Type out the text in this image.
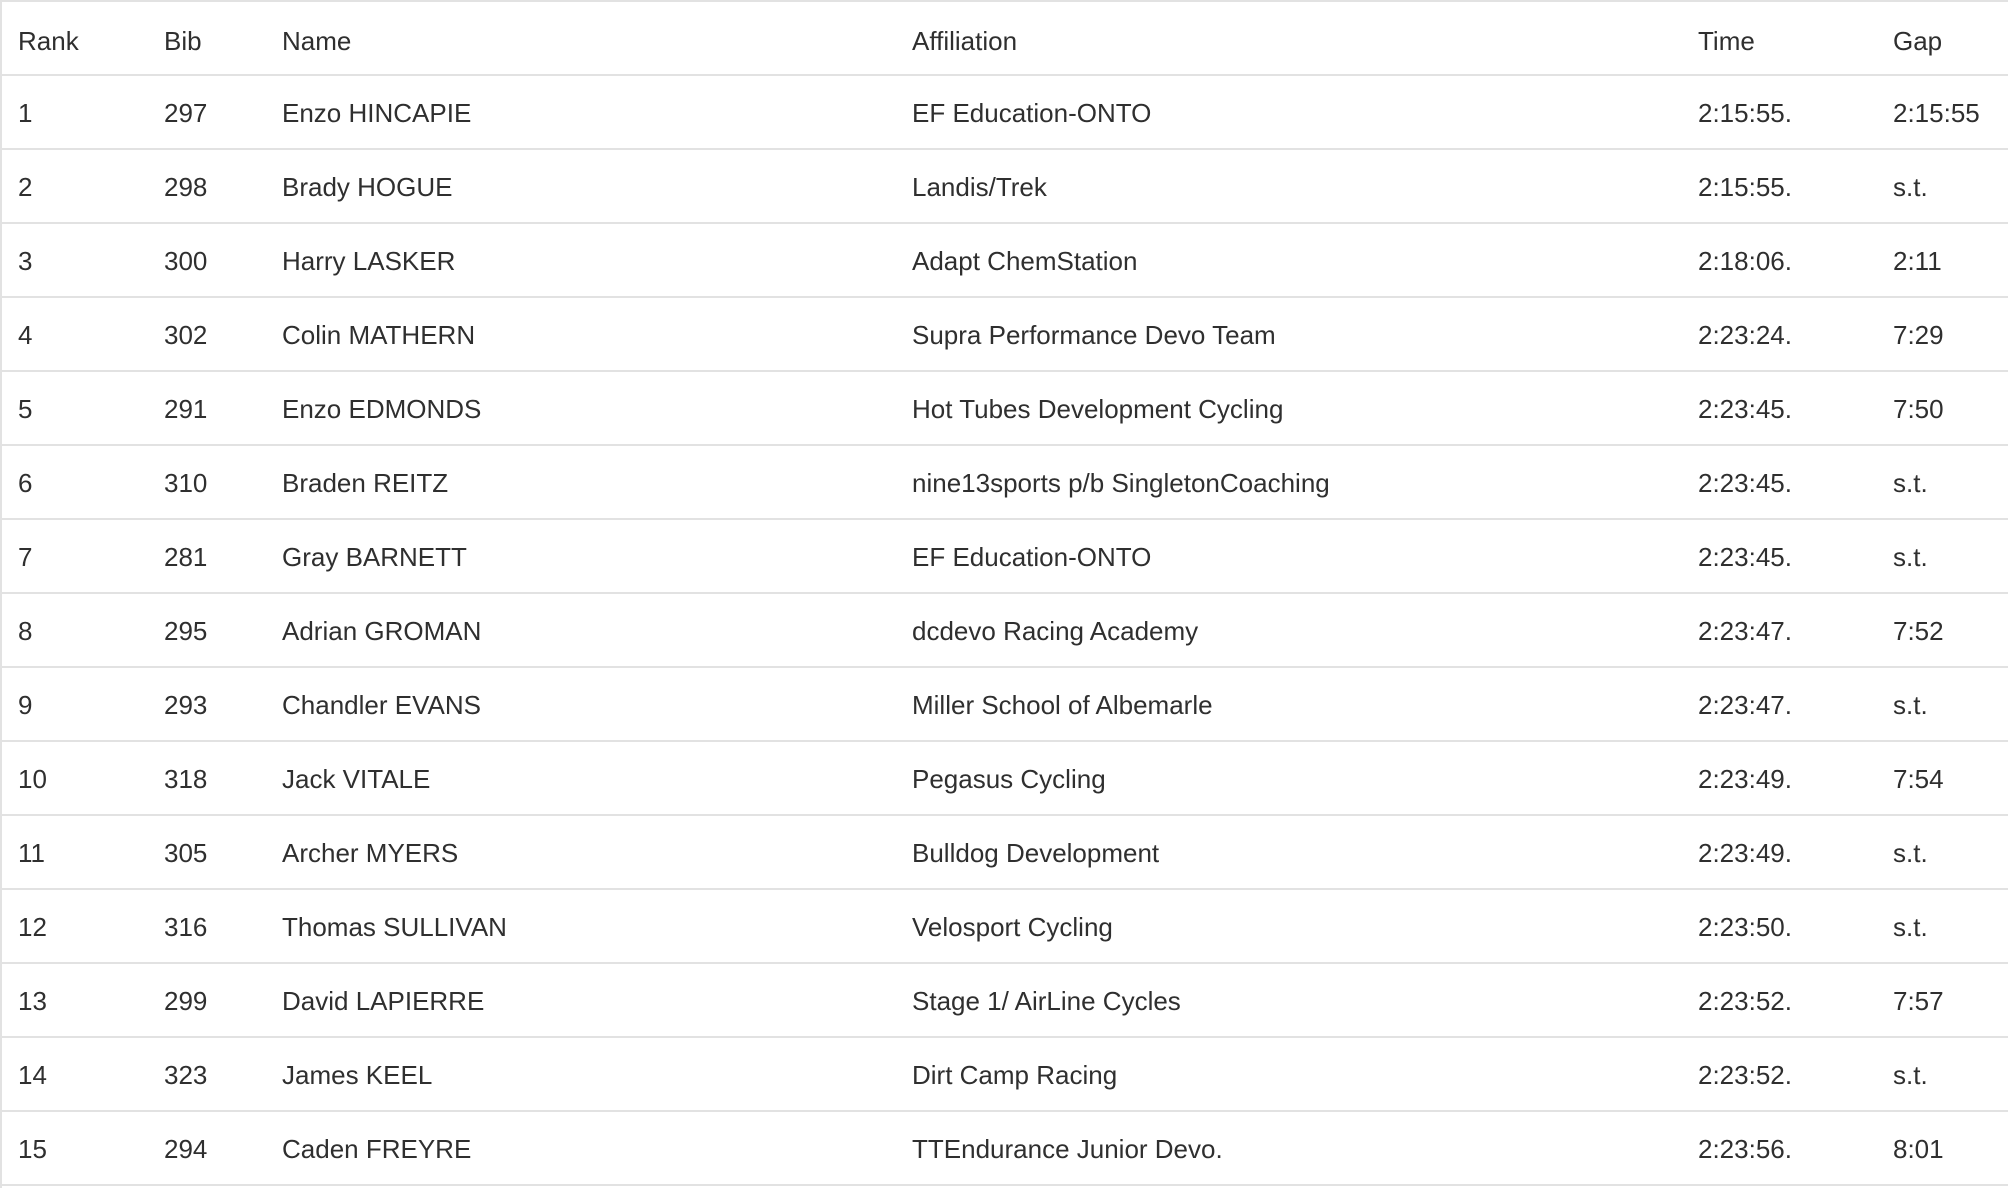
Rank	Bib	Name	Affiliation	Time	Gap
1	297	Enzo HINCAPIE	EF Education-ONTO	2:15:55.	2:15:55
2	298	Brady HOGUE	Landis/Trek	2:15:55.	s.t.
3	300	Harry LASKER	Adapt ChemStation	2:18:06.	2:11
4	302	Colin MATHERN	Supra Performance Devo Team	2:23:24.	7:29
5	291	Enzo EDMONDS	Hot Tubes Development Cycling	2:23:45.	7:50
6	310	Braden REITZ	nine13sports p/b SingletonCoaching	2:23:45.	s.t.
7	281	Gray BARNETT	EF Education-ONTO	2:23:45.	s.t.
8	295	Adrian GROMAN	dcdevo Racing Academy	2:23:47.	7:52
9	293	Chandler EVANS	Miller School of Albemarle	2:23:47.	s.t.
10	318	Jack VITALE	Pegasus Cycling	2:23:49.	7:54
11	305	Archer MYERS	Bulldog Development	2:23:49.	s.t.
12	316	Thomas SULLIVAN	Velosport Cycling	2:23:50.	s.t.
13	299	David LAPIERRE	Stage 1/ AirLine Cycles	2:23:52.	7:57
14	323	James KEEL	Dirt Camp Racing	2:23:52.	s.t.
15	294	Caden FREYRE	TTEndurance Junior Devo.	2:23:56.	8:01
